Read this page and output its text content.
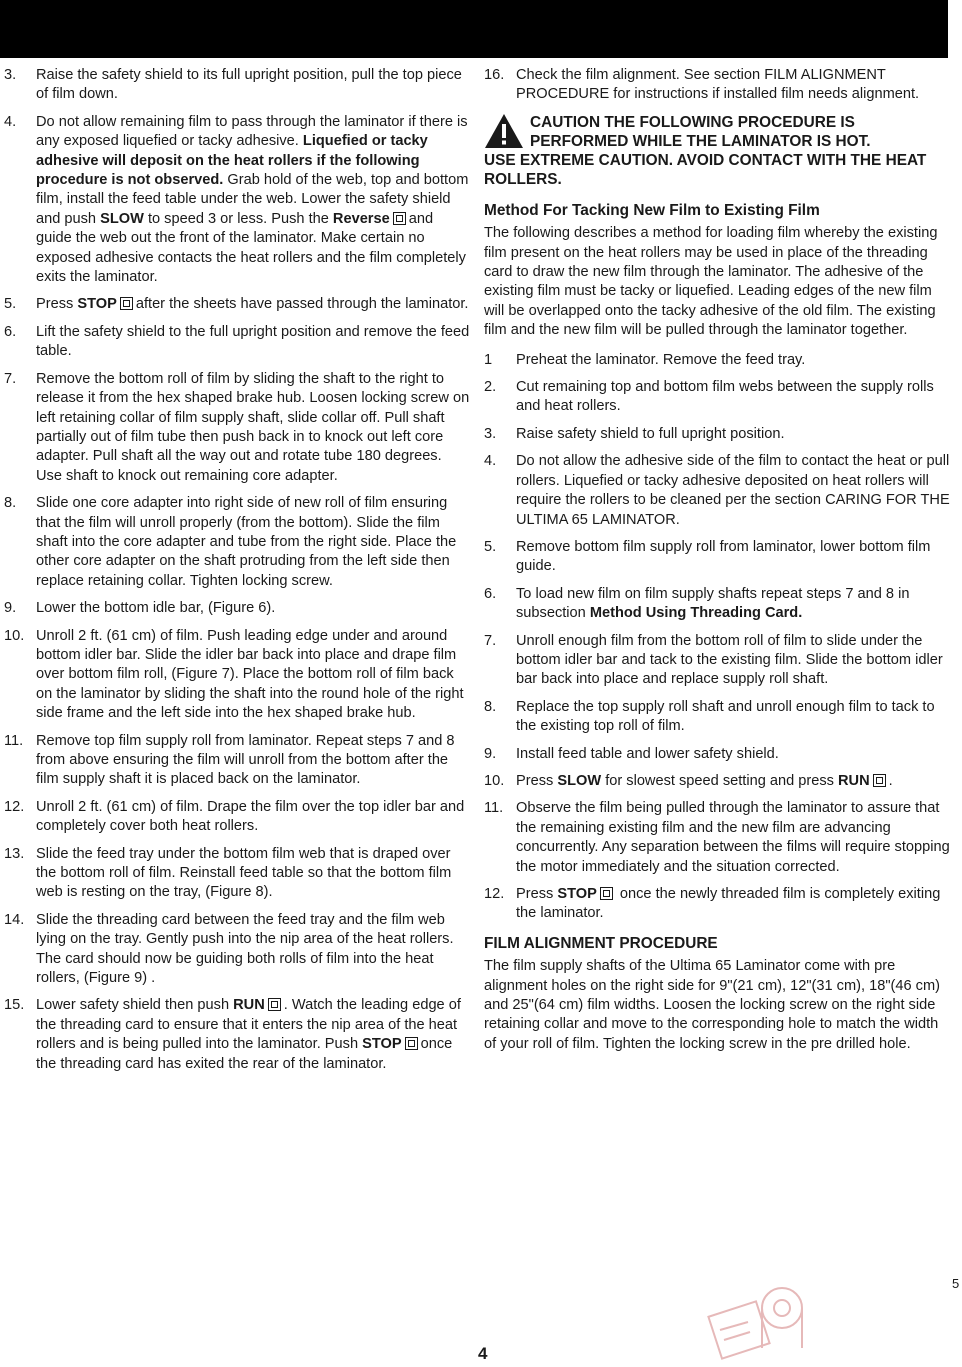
3.	Raise the safety shield to its full upright position, pull the top piece of film down.
4.	Do not allow remaining film to pass through the laminator if there is any exposed liquefied or tacky adhesive. Liquefied or tacky adhesive will deposit on the heat rollers if the following procedure is not observed. Grab hold of the web, top and bottom film, install the feed table under the web. Lower the safety shield and push SLOW to speed 3 or less. Push the Reverse and guide the web out the front of the laminator. Make certain no exposed adhesive contacts the heat rollers and the film completely exits the laminator.
5.	Press STOP after the sheets have passed through the laminator.
6.	Lift the safety shield to the full upright position and remove the feed table.
7.	Remove the bottom roll of film by sliding the shaft to the right to release it from the hex shaped brake hub. Loosen locking screw on left retaining collar of film supply shaft, slide collar off. Pull shaft partially out of film tube then push back in to knock out left core adapter. Pull shaft all the way out and rotate tube 180 degrees. Use shaft to knock out remaining core adapter.
8.	Slide one core adapter into right side of new roll of film ensuring that the film will unroll properly (from the bottom). Slide the film shaft into the core adapter and tube from the right side. Place the other core adapter on the shaft protruding from the left side then replace retaining collar. Tighten locking screw.
9.	Lower the bottom idle bar, (Figure 6).
10. Unroll 2 ft. (61 cm) of film. Push leading edge under and around bottom idler bar. Slide the idler bar back into place and drape film over bottom film roll, (Figure 7). Place the bottom roll of film back on the laminator by sliding the shaft into the round hole of the right side frame and the left side into the hex shaped brake hub.
11. Remove top film supply roll from laminator. Repeat steps 7 and 8 from above ensuring the film will unroll from the bottom after the film supply shaft it is placed back on the laminator.
12. Unroll 2 ft. (61 cm) of film. Drape the film over the top idler bar and completely cover both heat rollers.
13. Slide the feed tray under the bottom film web that is draped over the bottom roll of film. Reinstall feed table so that the bottom film web is resting on the tray, (Figure 8).
14. Slide the threading card between the feed tray and the film web lying on the tray. Gently push into the nip area of the heat rollers. The card should now be guiding both rolls of film into the heat rollers, (Figure 9) .
15. Lower safety shield then push RUN . Watch the leading edge of the threading card to ensure that it enters the nip area of the heat rollers and is being pulled into the laminator. Push STOP once the threading card has exited the rear of the laminator.
16. Check the film alignment. See section FILM ALIGNMENT PROCEDURE for instructions if installed film needs alignment.
CAUTION THE FOLLOWING PROCEDURE IS PERFORMED WHILE THE LAMINATOR IS HOT.
USE EXTREME CAUTION. AVOID CONTACT WITH THE HEAT ROLLERS.
Method For Tacking New Film to Existing Film
The following describes a method for loading film whereby the existing film present on the heat rollers may be used in place of the threading card to draw the new film through the laminator. The adhesive of the existing film must be tacky or liquefied. Leading edges of the new film will be overlapped onto the tacky adhesive of the old film. The existing film and the new film will be pulled through the laminator together.
1	Preheat the laminator. Remove the feed tray.
2.	Cut remaining top and bottom film webs between the supply rolls and heat rollers.
3.	Raise safety shield to full upright position.
4.	Do not allow the adhesive side of the film to contact the heat or pull rollers. Liquefied or tacky adhesive deposited on heat rollers will require the rollers to be cleaned per the section CARING FOR THE ULTIMA 65 LAMINATOR.
5.	Remove bottom film supply roll from laminator, lower bottom film guide.
6.	To load new film on film supply shafts repeat steps 7 and 8 in subsection Method Using Threading Card.
7.	Unroll enough film from the bottom roll of film to slide under the bottom idler bar and tack to the existing film. Slide the bottom idler bar back into place and replace supply roll shaft.
8.	Replace the top supply roll shaft and unroll enough film to tack to the existing top roll of film.
9.	Install feed table and lower safety shield.
10. Press SLOW for slowest speed setting and press RUN .
11. Observe the film being pulled through the laminator to assure that the remaining existing film and the new film are advancing concurrently. Any separation between the films will require stopping the motor immediately and the situation corrected.
12. Press STOP once the newly threaded film is completely exiting the laminator.
FILM ALIGNMENT PROCEDURE
The film supply shafts of the Ultima 65 Laminator come with pre alignment holes on the right side for 9"(21 cm), 12"(31 cm), 18"(46 cm) and 25"(64 cm) film widths. Loosen the locking screw on the right side retaining collar and move to the corresponding hole to match the width of your roll of film. Tighten the locking screw in the pre drilled hole.
4
5
